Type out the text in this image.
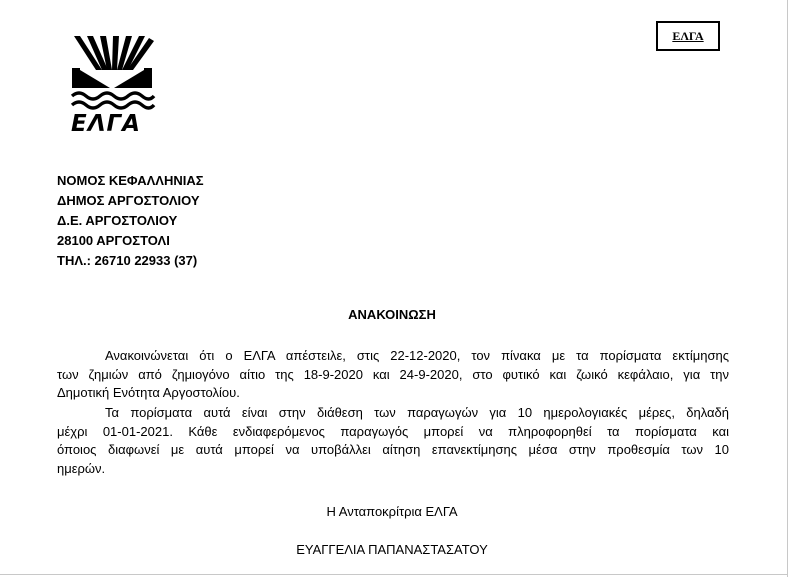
ΕΛΓΑ
ΕΛΓΑ
ΝΟΜΟΣ ΚΕΦΑΛΛΗΝΙΑΣ
ΔΗΜΟΣ ΑΡΓΟΣΤΟΛΙΟΥ
Δ.Ε. ΑΡΓΟΣΤΟΛΙΟΥ
28100 ΑΡΓΟΣΤΟΛΙ
ΤΗΛ.: 26710 22933 (37)
ΑΝΑΚΟΙΝΩΣΗ
Ανακοινώνεται ότι ο ΕΛΓΑ απέστειλε, στις 22-12-2020, τον πίνακα με τα πορίσματα εκτίμησης
των ζημιών από ζημιογόνο αίτιο της 18-9-2020 και 24-9-2020, στο φυτικό και ζωικό κεφάλαιο, για την
Δημοτική Ενότητα Αργοστολίου.
Τα πορίσματα αυτά είναι στην διάθεση των παραγωγών για 10 ημερολογιακές μέρες, δηλαδή
μέχρι 01-01-2021. Κάθε ενδιαφερόμενος παραγωγός μπορεί να πληροφορηθεί τα πορίσματα και
όποιος διαφωνεί με αυτά μπορεί να υποβάλλει αίτηση επανεκτίμησης μέσα στην προθεσμία των 10
ημερών.
Η Ανταποκρίτρια ΕΛΓΑ
ΕΥΑΓΓΕΛΙΑ ΠΑΠΑΝΑΣΤΑΣΑΤΟΥ
